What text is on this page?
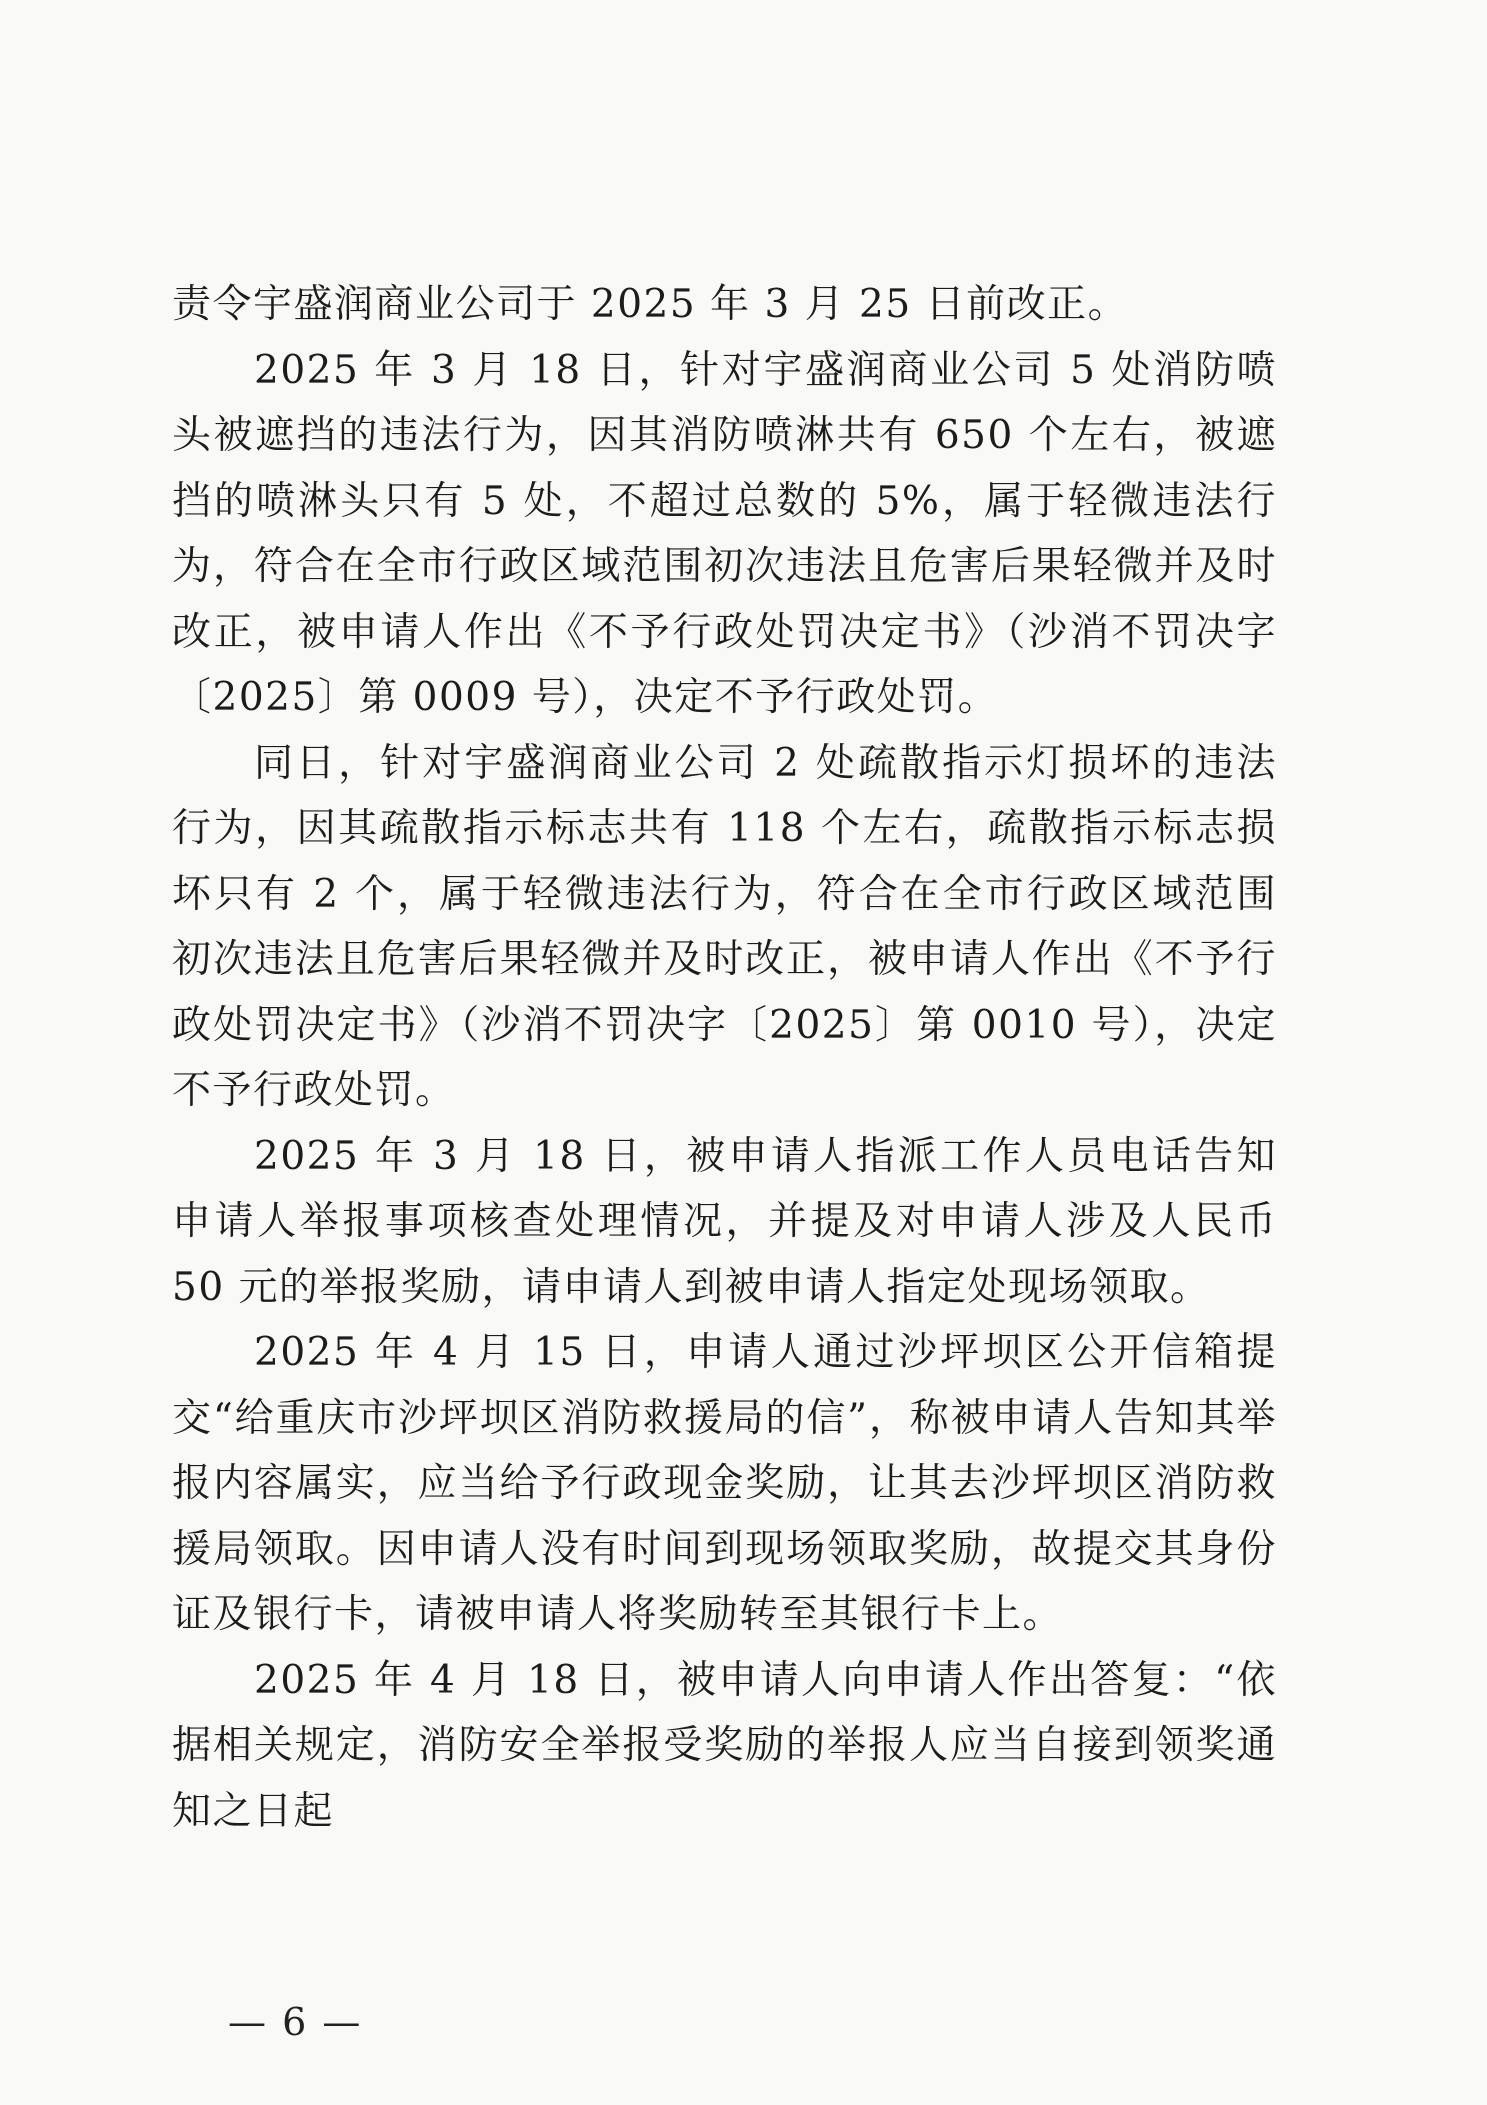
责令宇盛润商业公司于 2025 年 3 月 25 日前改正。

2025 年 3 月 18 日，针对宇盛润商业公司 5 处消防喷头被遮挡的违法行为，因其消防喷淋共有 650 个左右，被遮挡的喷淋头只有 5 处，不超过总数的 5%，属于轻微违法行为，符合在全市行政区域范围初次违法且危害后果轻微并及时改正，被申请人作出《不予行政处罚决定书》（沙消不罚决字〔2025〕第 0009 号），决定不予行政处罚。

同日，针对宇盛润商业公司 2 处疏散指示灯损坏的违法行为，因其疏散指示标志共有 118 个左右，疏散指示标志损坏只有 2 个，属于轻微违法行为，符合在全市行政区域范围初次违法且危害后果轻微并及时改正，被申请人作出《不予行政处罚决定书》（沙消不罚决字〔2025〕第 0010 号），决定不予行政处罚。

2025 年 3 月 18 日，被申请人指派工作人员电话告知申请人举报事项核查处理情况，并提及对申请人涉及人民币 50 元的举报奖励，请申请人到被申请人指定处现场领取。

2025 年 4 月 15 日，申请人通过沙坪坝区公开信箱提交“给重庆市沙坪坝区消防救援局的信”，称被申请人告知其举报内容属实，应当给予行政现金奖励，让其去沙坪坝区消防救援局领取。因申请人没有时间到现场领取奖励，故提交其身份证及银行卡，请被申请人将奖励转至其银行卡上。

2025 年 4 月 18 日，被申请人向申请人作出答复：“依据相关规定，消防安全举报受奖励的举报人应当自接到领奖通知之日起

— 6 —
